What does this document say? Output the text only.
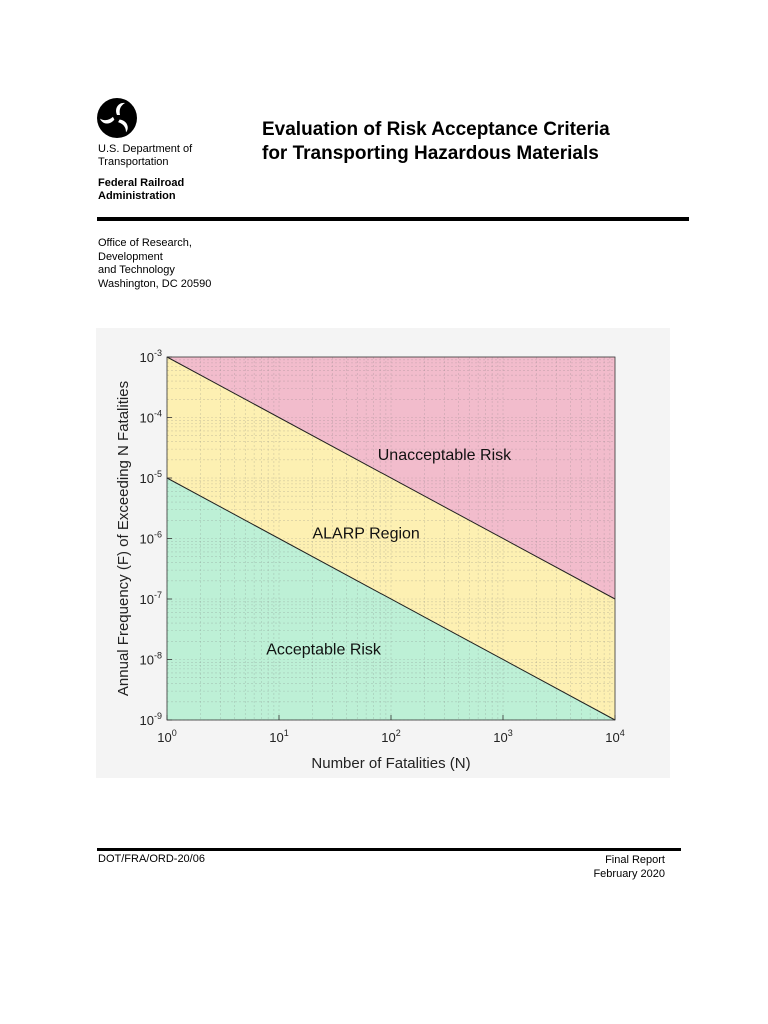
U.S. Department of
Transportation
Federal Railroad
Administration
Evaluation of Risk Acceptance Criteria
for Transporting Hazardous Materials
Office of Research,
Development
and Technology
Washington, DC 20590
$10^0$	$10^1$	$10^2$	$10^3$	$10^4$
$10^{-3}$
$10^{-4}$
$10^{-5}$
$10^{-6}$
$10^{-7}$
$10^{-8}$
$10^{-9}$
Number of Fatalities (N)
Annual Frequency (F) of Exceeding N Fatalities	Unacceptable Risk
ALARP Region
Acceptable Risk
DOT/FRA/ORD-20/06	Final Report
February 2020
